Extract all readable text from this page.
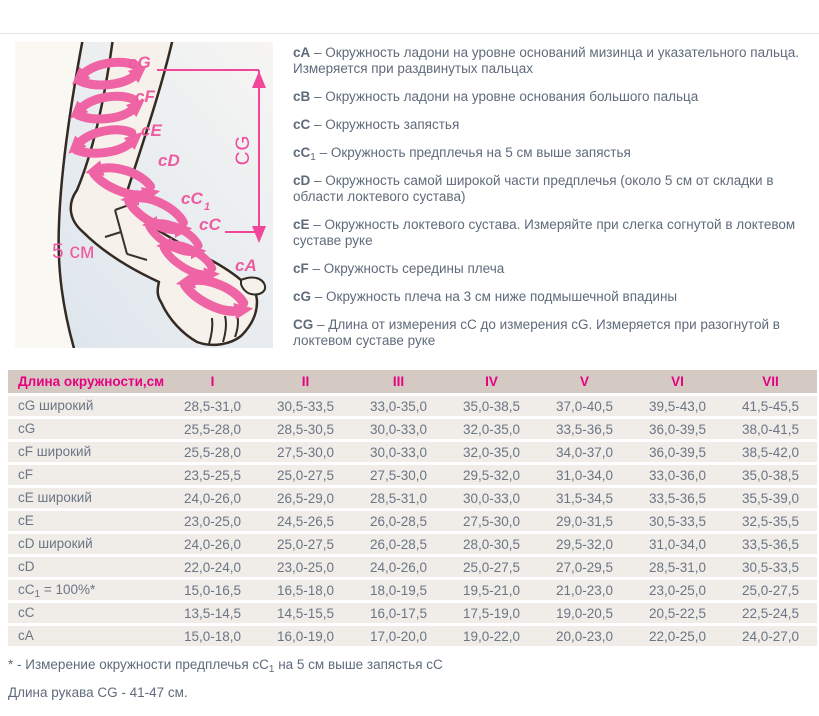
CG
cG
cF
cE
cD
cC 1
cC
cA
5 см

cA – Окружность ладони на уровне оснований мизинца и указательного пальца. Измеряется при раздвинутых пальцах

cB – Окружность ладони на уровне основания большого пальца

cC – Окружность запястья

$cC_1$ – Окружность предплечья на 5 см выше запястья

cD – Окружность самой широкой части предплечья (около 5 см от складки в области локтевого сустава)

cE – Окружность локтевого сустава. Измеряйте при слегка согнутой в локтевом суставе руке

cF – Окружность середины плеча

cG – Окружность плеча на 3 см ниже подмышечной впадины

CG – Длина от измерения cC до измерения cG. Измеряется при разогнутой в локтевом суставе руке

Длина окружности,см	I	II	III	IV	V	VI	VII
cG широкий	28,5-31,0	30,5-33,5	33,0-35,0	35,0-38,5	37,0-40,5	39,5-43,0	41,5-45,5
cG	25,5-28,0	28,5-30,5	30,0-33,0	32,0-35,0	33,5-36,5	36,0-39,5	38,0-41,5
cF широкий	25,5-28,0	27,5-30,0	30,0-33,0	32,0-35,0	34,0-37,0	36,0-39,5	38,5-42,0
cF	23,5-25,5	25,0-27,5	27,5-30,0	29,5-32,0	31,0-34,0	33,0-36,0	35,0-38,5
cE широкий	24,0-26,0	26,5-29,0	28,5-31,0	30,0-33,0	31,5-34,5	33,5-36,5	35,5-39,0
cE	23,0-25,0	24,5-26,5	26,0-28,5	27,5-30,0	29,0-31,5	30,5-33,5	32,5-35,5
cD широкий	24,0-26,0	25,0-27,5	26,0-28,5	28,0-30,5	29,5-32,0	31,0-34,0	33,5-36,5
cD	22,0-24,0	23,0-25,0	24,0-26,0	25,0-27,5	27,0-29,5	28,5-31,0	30,5-33,5
$cC_1 = 100\%*$	15,0-16,5	16,5-18,0	18,0-19,5	19,5-21,0	21,0-23,0	23,0-25,0	25,0-27,5
cC	13,5-14,5	14,5-15,5	16,0-17,5	17,5-19,0	19,0-20,5	20,5-22,5	22,5-24,5
cA	15,0-18,0	16,0-19,0	17,0-20,0	19,0-22,0	20,0-23,0	22,0-25,0	24,0-27,0
* - Измерение окружности предплечья $cC_1$ на 5 см выше запястья cC
Длина рукава CG - 41-47 см.
